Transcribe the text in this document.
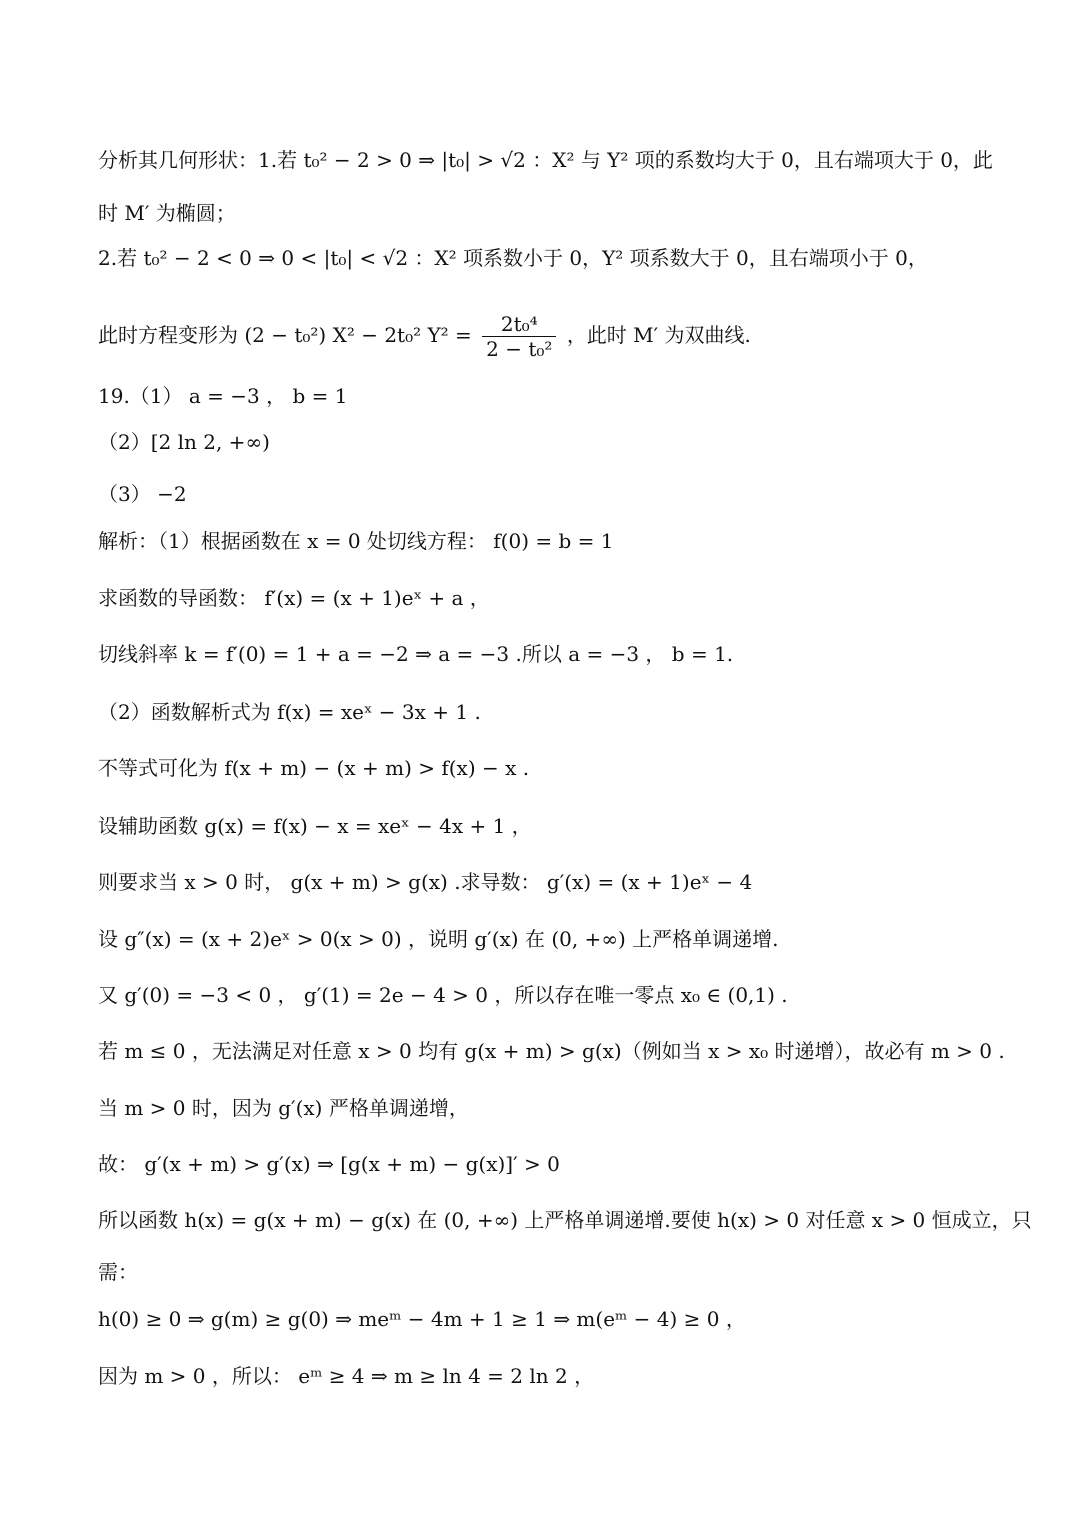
分析其几何形状：1.若 t₀² − 2 > 0 ⇒ |t₀| > √2 ：X² 与 Y² 项的系数均大于 0，且右端项大于 0，此
时 M′ 为椭圆；
2.若 t₀² − 2 < 0 ⇒ 0 < |t₀| < √2 ：X² 项系数小于 0，Y² 项系数大于 0，且右端项小于 0，
19.（1） a = −3 ， b = 1
（2）[2 ln 2, +∞)
（3） −2
解析：（1）根据函数在 x = 0 处切线方程： f(0) = b = 1
求函数的导函数： f′(x) = (x + 1)eˣ + a ，
切线斜率 k = f′(0) = 1 + a = −2 ⇒ a = −3 .所以 a = −3 ， b = 1.
（2）函数解析式为 f(x) = xeˣ − 3x + 1 .
不等式可化为 f(x + m) − (x + m) > f(x) − x .
设辅助函数 g(x) = f(x) − x = xeˣ − 4x + 1 ，
则要求当 x > 0 时， g(x + m) > g(x) .求导数： g′(x) = (x + 1)eˣ − 4
设 g″(x) = (x + 2)eˣ > 0(x > 0) ，说明 g′(x) 在 (0, +∞) 上严格单调递增.
又 g′(0) = −3 < 0 ， g′(1) = 2e − 4 > 0 ，所以存在唯一零点 x₀ ∈ (0,1) .
若 m ≤ 0 ，无法满足对任意 x > 0 均有 g(x + m) > g(x)（例如当 x > x₀ 时递增），故必有 m > 0 .
当 m > 0 时，因为 g′(x) 严格单调递增，
故： g′(x + m) > g′(x) ⇒ [g(x + m) − g(x)]′ > 0
所以函数 h(x) = g(x + m) − g(x) 在 (0, +∞) 上严格单调递增.要使 h(x) > 0 对任意 x > 0 恒成立，只
需：
h(0) ≥ 0 ⇒ g(m) ≥ g(0) ⇒ meᵐ − 4m + 1 ≥ 1 ⇒ m(eᵐ − 4) ≥ 0 ，
因为 m > 0 ，所以： eᵐ ≥ 4 ⇒ m ≥ ln 4 = 2 ln 2 ，
此时方程变形为 (2 − t₀²) X² − 2t₀² $Y^2 = \frac{\text{2t₀⁴}}{\text{2 − t₀²}}$ ，此时 M′ 为双曲线.
